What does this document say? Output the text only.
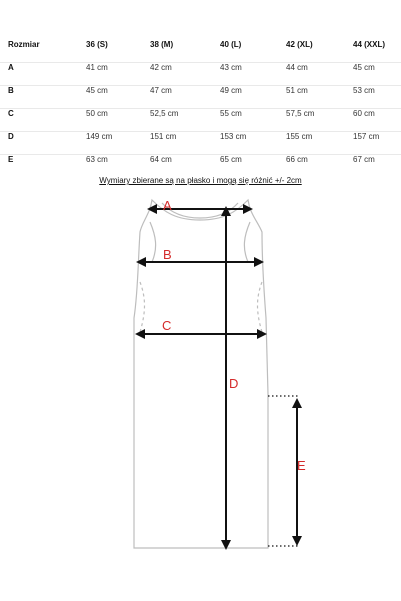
Rozmiar	36 (S)	38 (M)	40 (L)	42 (XL)	44 (XXL)
A	41 cm	42 cm	43 cm	44 cm	45 cm
B	45 cm	47 cm	49 cm	51 cm	53 cm
C	50 cm	52,5 cm	55 cm	57,5 cm	60 cm
D	149 cm	151 cm	153 cm	155 cm	157 cm
E	63 cm	64 cm	65 cm	66 cm	67 cm
Wymiary zbierane są na płasko i mogą się różnić +/- 2cm
A
B
C
D
E
